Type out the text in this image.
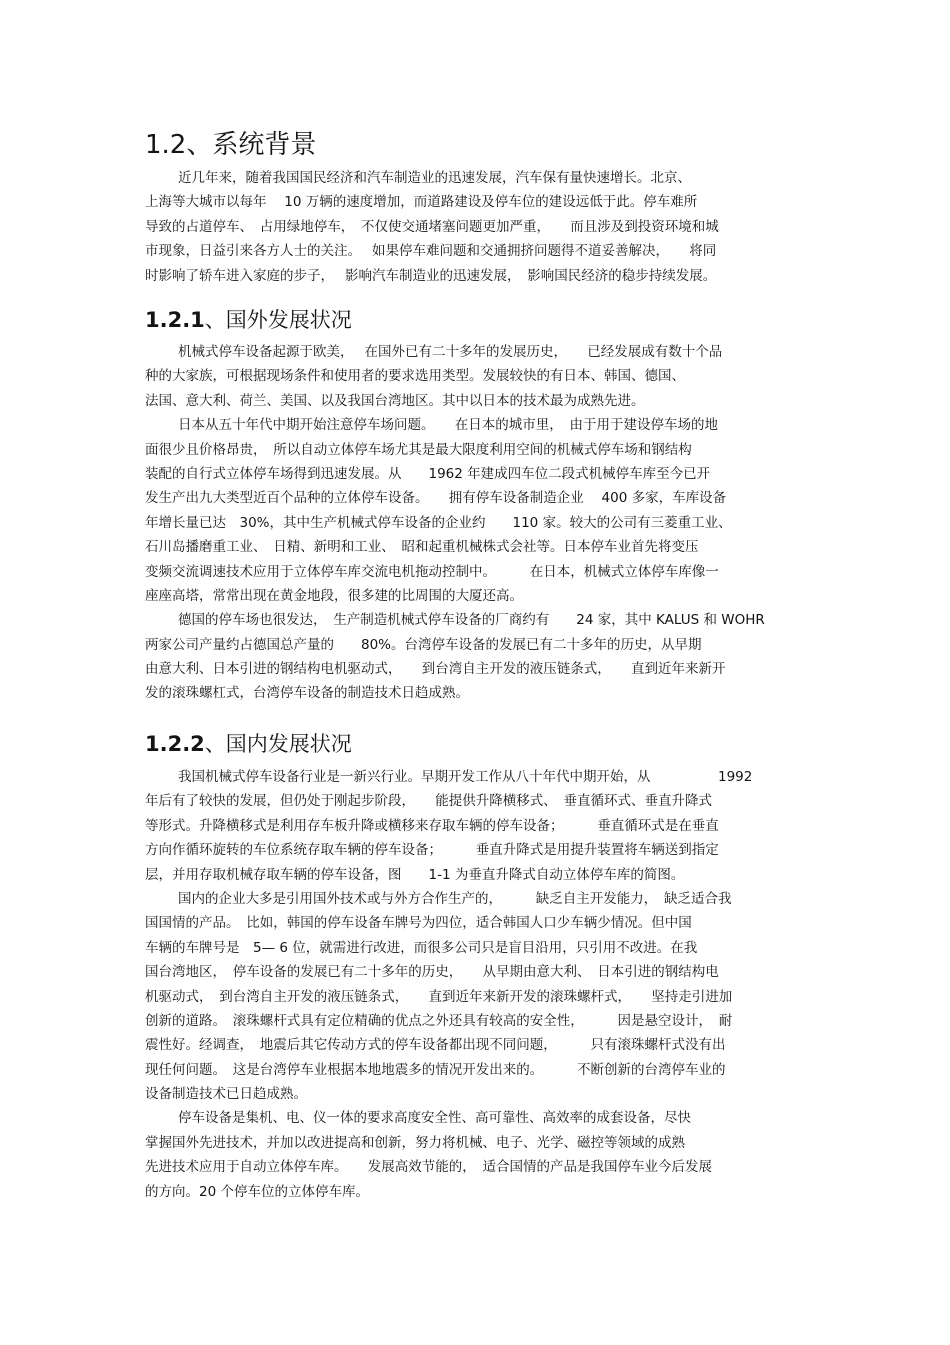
1.2、系统背景
近几年来，随着我国国民经济和汽车制造业的迅速发展，汽车保有量快速增长。北京、
上海等大城市以每年　 10 万辆的速度增加，而道路建设及停车位的建设远低于此。停车难所
导致的占道停车、　占用绿地停车，　不仅使交通堵塞问题更加严重，　　而且涉及到投资环境和城
市现象，日益引来各方人士的关注。　 如果停车难问题和交通拥挤问题得不道妥善解决，　　将同
时影响了轿车进入家庭的步子，　 影响汽车制造业的迅速发展，　影响国民经济的稳步持续发展。
1.2.1、国外发展状况
机械式停车设备起源于欧美，　 在国外已有二十多年的发展历史，　　已经发展成有数十个品
种的大家族，可根据现场条件和使用者的要求选用类型。发展较快的有日本、韩国、德国、
法国、意大利、荷兰、美国、以及我国台湾地区。其中以日本的技术最为成熟先进。
日本从五十年代中期开始注意停车场问题。　　在日本的城市里，　由于用于建设停车场的地
面很少且价格昂贵，　所以自动立体停车场尤其是最大限度利用空间的机械式停车场和钢结构
装配的自行式立体停车场得到迅速发展。从　　1962 年建成四车位二段式机械停车库至今已开
发生产出九大类型近百个品种的立体停车设备。　　拥有停车设备制造企业　 400 多家，车库设备
年增长量已达　30%，其中生产机械式停车设备的企业约　　110 家。较大的公司有三菱重工业、
石川岛播磨重工业、　日精、新明和工业、　昭和起重机械株式会社等。日本停车业首先将变压
变频交流调速技术应用于立体停车库交流电机拖动控制中。　　　在日本，机械式立体停车库像一
座座高塔，常常出现在黄金地段，很多建的比周围的大厦还高。
德国的停车场也很发达，　生产制造机械式停车设备的厂商约有　　24 家，其中 KALUS 和 WOHR
两家公司产量约占德国总产量的　　80%。台湾停车设备的发展已有二十多年的历史，从早期
由意大利、日本引进的钢结构电机驱动式，　　到台湾自主开发的液压链条式，　　直到近年来新开
发的滚珠螺杠式，台湾停车设备的制造技术日趋成熟。
1.2.2、国内发展状况
我国机械式停车设备行业是一新兴行业。早期开发工作从八十年代中期开始，从　　　　　1992
年后有了较快的发展，但仍处于刚起步阶段，　　能提供升降横移式、　垂直循环式、垂直升降式
等形式。升降横移式是利用存车板升降或横移来存取车辆的停车设备；　　　垂直循环式是在垂直
方向作循环旋转的车位系统存取车辆的停车设备；　　　垂直升降式是用提升装置将车辆送到指定
层，并用存取机械存取车辆的停车设备，图　　1-1 为垂直升降式自动立体停车库的简图。
国内的企业大多是引用国外技术或与外方合作生产的，　　　缺乏自主开发能力，　缺乏适合我
国国情的产品。　比如，韩国的停车设备车牌号为四位，适合韩国人口少车辆少情况。但中国
车辆的车牌号是　5— 6 位，就需进行改进，而很多公司只是盲目沿用，只引用不改进。在我
国台湾地区，　停车设备的发展已有二十多年的历史，　　从早期由意大利、　日本引进的钢结构电
机驱动式，　到台湾自主开发的液压链条式，　　直到近年来新开发的滚珠螺杆式，　　坚持走引进加
创新的道路。　滚珠螺杆式具有定位精确的优点之外还具有较高的安全性，　　　因是悬空设计，　耐
震性好。经调查，　地震后其它传动方式的停车设备都出现不同问题，　　　只有滚珠螺杆式没有出
现任何问题。　这是台湾停车业根据本地地震多的情况开发出来的。　　　不断创新的台湾停车业的
设备制造技术已日趋成熟。
停车设备是集机、电、仪一体的要求高度安全性、高可靠性、高效率的成套设备，尽快
掌握国外先进技术，并加以改进提高和创新，努力将机械、电子、光学、磁控等领域的成熟
先进技术应用于自动立体停车库。　　发展高效节能的，　适合国情的产品是我国停车业今后发展
的方向。20 个停车位的立体停车库。
